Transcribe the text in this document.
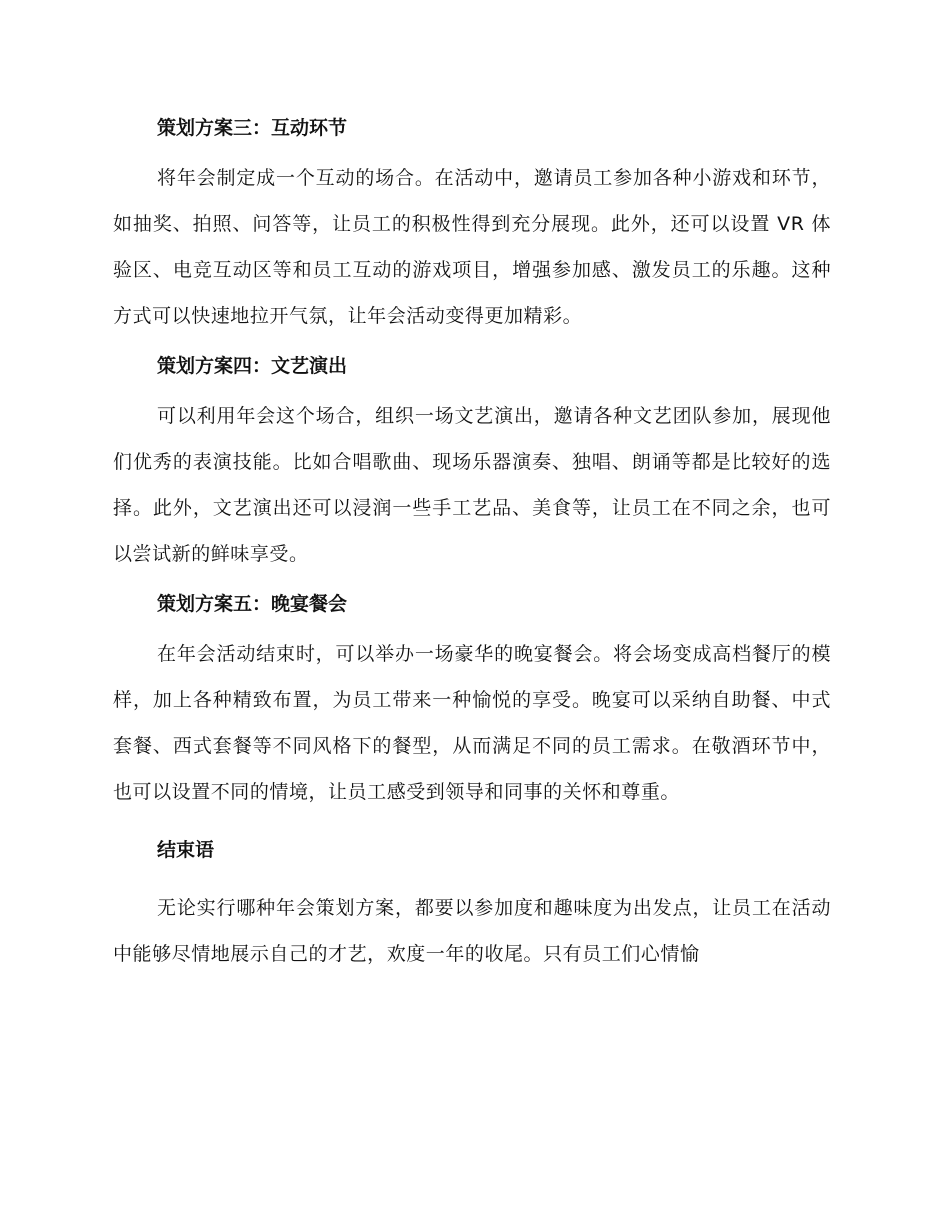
策划方案三：互动环节

将年会制定成一个互动的场合。在活动中，邀请员工参加各种小游戏和环节，如抽奖、拍照、问答等，让员工的积极性得到充分展现。此外，还可以设置 VR 体验区、电竞互动区等和员工互动的游戏项目，增强参加感、激发员工的乐趣。这种方式可以快速地拉开气氛，让年会活动变得更加精彩。

策划方案四：文艺演出

可以利用年会这个场合，组织一场文艺演出，邀请各种文艺团队参加，展现他们优秀的表演技能。比如合唱歌曲、现场乐器演奏、独唱、朗诵等都是比较好的选择。此外，文艺演出还可以浸润一些手工艺品、美食等，让员工在不同之余，也可以尝试新的鲜味享受。

策划方案五：晚宴餐会

在年会活动结束时，可以举办一场豪华的晚宴餐会。将会场变成高档餐厅的模样，加上各种精致布置，为员工带来一种愉悦的享受。晚宴可以采纳自助餐、中式套餐、西式套餐等不同风格下的餐型，从而满足不同的员工需求。在敬酒环节中，也可以设置不同的情境，让员工感受到领导和同事的关怀和尊重。

结束语

无论实行哪种年会策划方案，都要以参加度和趣味度为出发点，让员工在活动中能够尽情地展示自己的才艺，欢度一年的收尾。只有员工们心情愉
